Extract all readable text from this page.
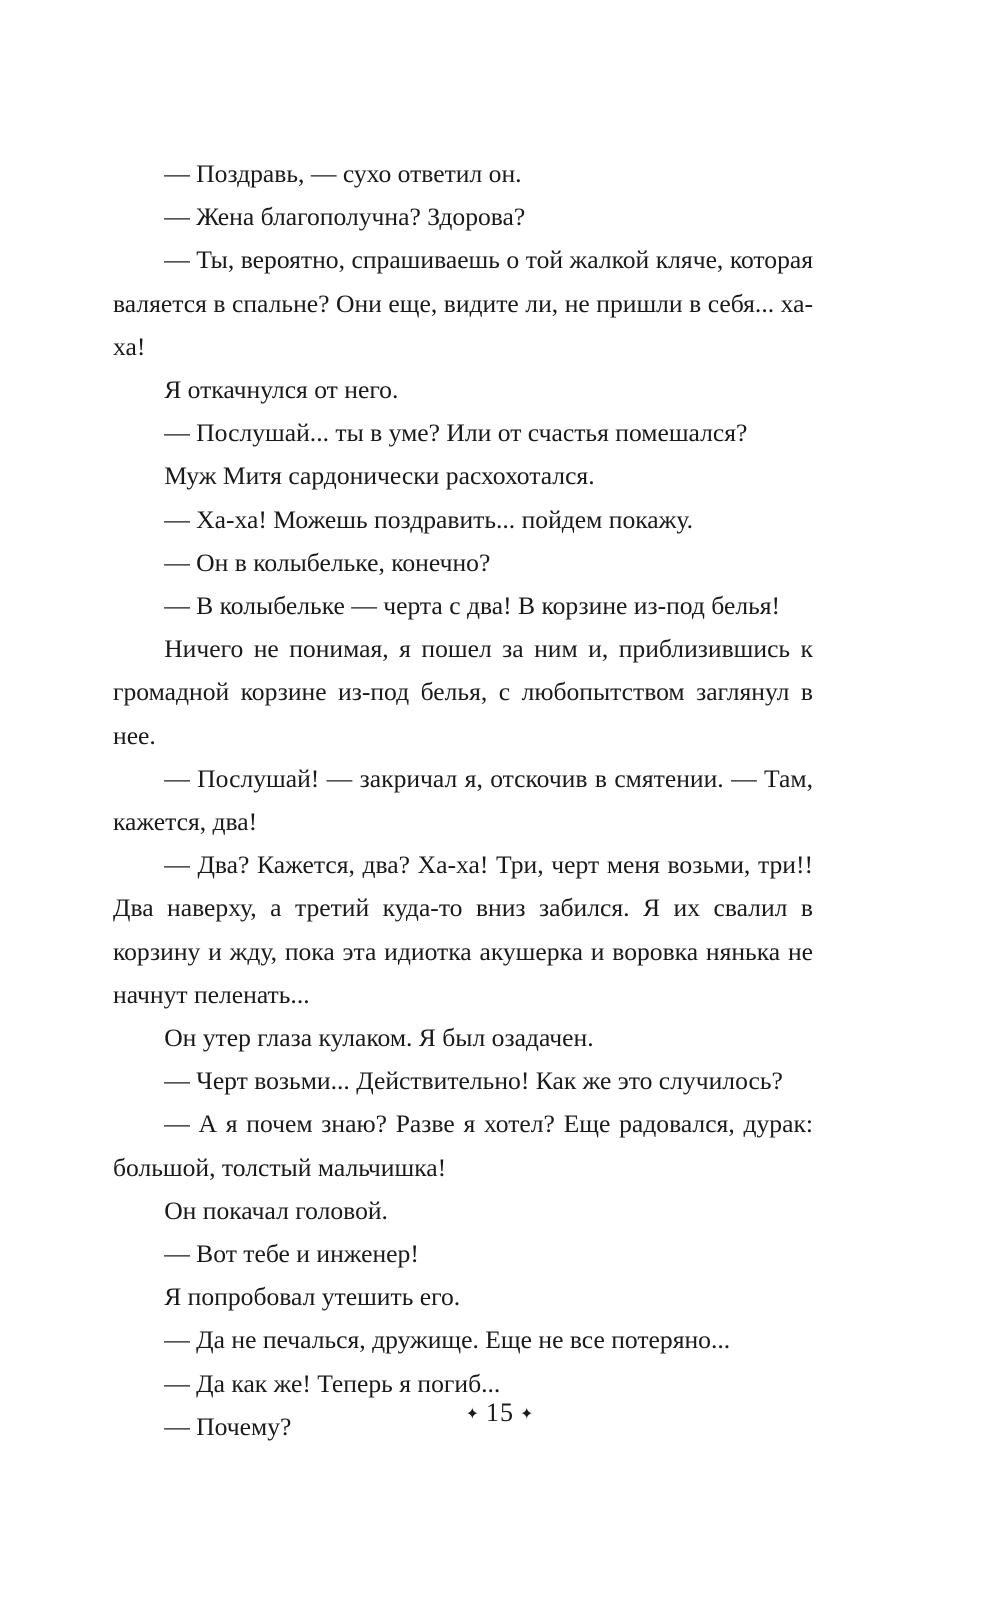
— Поздравь, — сухо ответил он.

— Жена благополучна? Здорова?

— Ты, вероятно, спрашиваешь о той жалкой кляче, которая валяется в спальне? Они еще, видите ли, не пришли в себя... ха-ха!

Я откачнулся от него.

— Послушай... ты в уме? Или от счастья помешался?

Муж Митя сардонически расхохотался.

— Ха-ха! Можешь поздравить... пойдем покажу.

— Он в колыбельке, конечно?

— В колыбельке — черта с два! В корзине из-под белья!

Ничего не понимая, я пошел за ним и, приблизившись к громадной корзине из-под белья, с любопытством заглянул в нее.

— Послушай! — закричал я, отскочив в смятении. — Там, кажется, два!

— Два? Кажется, два? Ха-ха! Три, черт меня возьми, три!! Два наверху, а третий куда-то вниз забился. Я их свалил в корзину и жду, пока эта идиотка акушерка и воровка нянька не начнут пеленать...

Он утер глаза кулаком. Я был озадачен.

— Черт возьми... Действительно! Как же это случилось?

— А я почем знаю? Разве я хотел? Еще радовался, дурак: большой, толстый мальчишка!

Он покачал головой.

— Вот тебе и инженер!

Я попробовал утешить его.

— Да не печалься, дружище. Еще не все потеряно...

— Да как же! Теперь я погиб...

— Почему?	✦ 15 ✦
